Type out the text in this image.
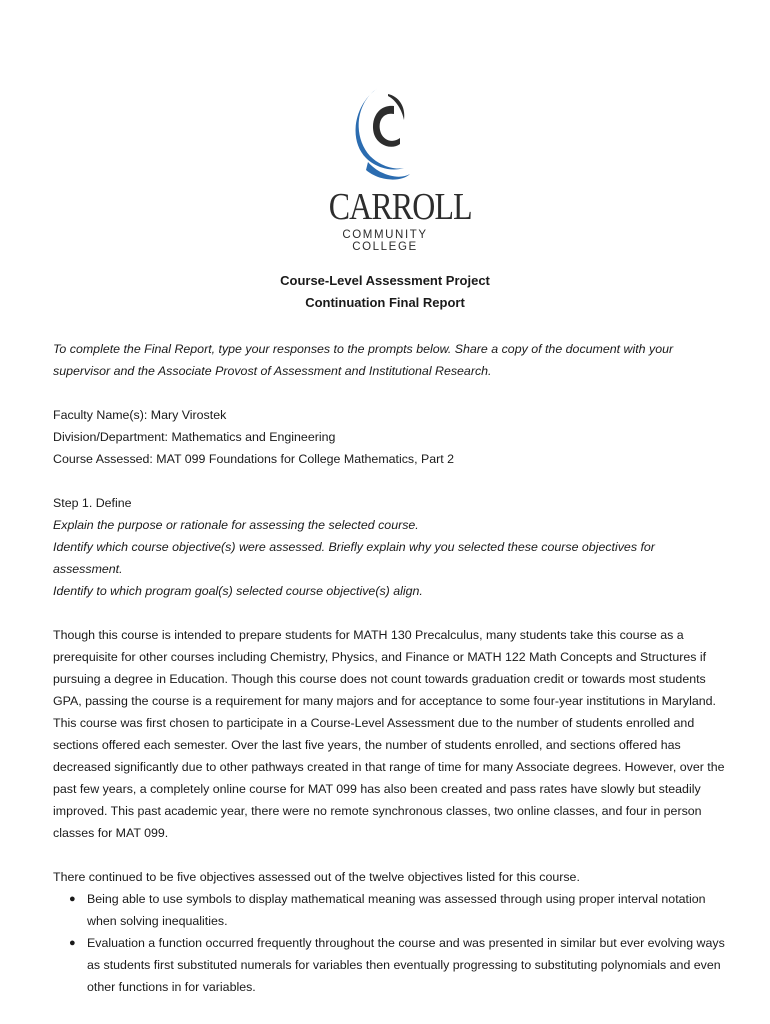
CARROLL
COMMUNITY COLLEGE
Course-Level Assessment Project
Continuation Final Report

To complete the Final Report, type your responses to the prompts below. Share a copy of the document with your supervisor and the Associate Provost of Assessment and Institutional Research.

Faculty Name(s): Mary Virostek

Division/Department: Mathematics and Engineering

Course Assessed: MAT 099 Foundations for College Mathematics, Part 2

Step 1. Define

Explain the purpose or rationale for assessing the selected course.

Identify which course objective(s) were assessed. Briefly explain why you selected these course objectives for assessment.

Identify to which program goal(s) selected course objective(s) align.

Though this course is intended to prepare students for MATH 130 Precalculus, many students take this course as a prerequisite for other courses including Chemistry, Physics, and Finance or MATH 122 Math Concepts and Structures if pursuing a degree in Education. Though this course does not count towards graduation credit or towards most students GPA, passing the course is a requirement for many majors and for acceptance to some four-year institutions in Maryland. This course was first chosen to participate in a Course-Level Assessment due to the number of students enrolled and sections offered each semester. Over the last five years, the number of students enrolled, and sections offered has decreased significantly due to other pathways created in that range of time for many Associate degrees. However, over the past few years, a completely online course for MAT 099 has also been created and pass rates have slowly but steadily improved. This past academic year, there were no remote synchronous classes, two online classes, and four in person classes for MAT 099.

There continued to be five objectives assessed out of the twelve objectives listed for this course.

● Being able to use symbols to display mathematical meaning was assessed through using proper interval notation when solving inequalities.
● Evaluation a function occurred frequently throughout the course and was presented in similar but ever evolving ways as students first substituted numerals for variables then eventually progressing to substituting polynomials and even other functions in for variables.
